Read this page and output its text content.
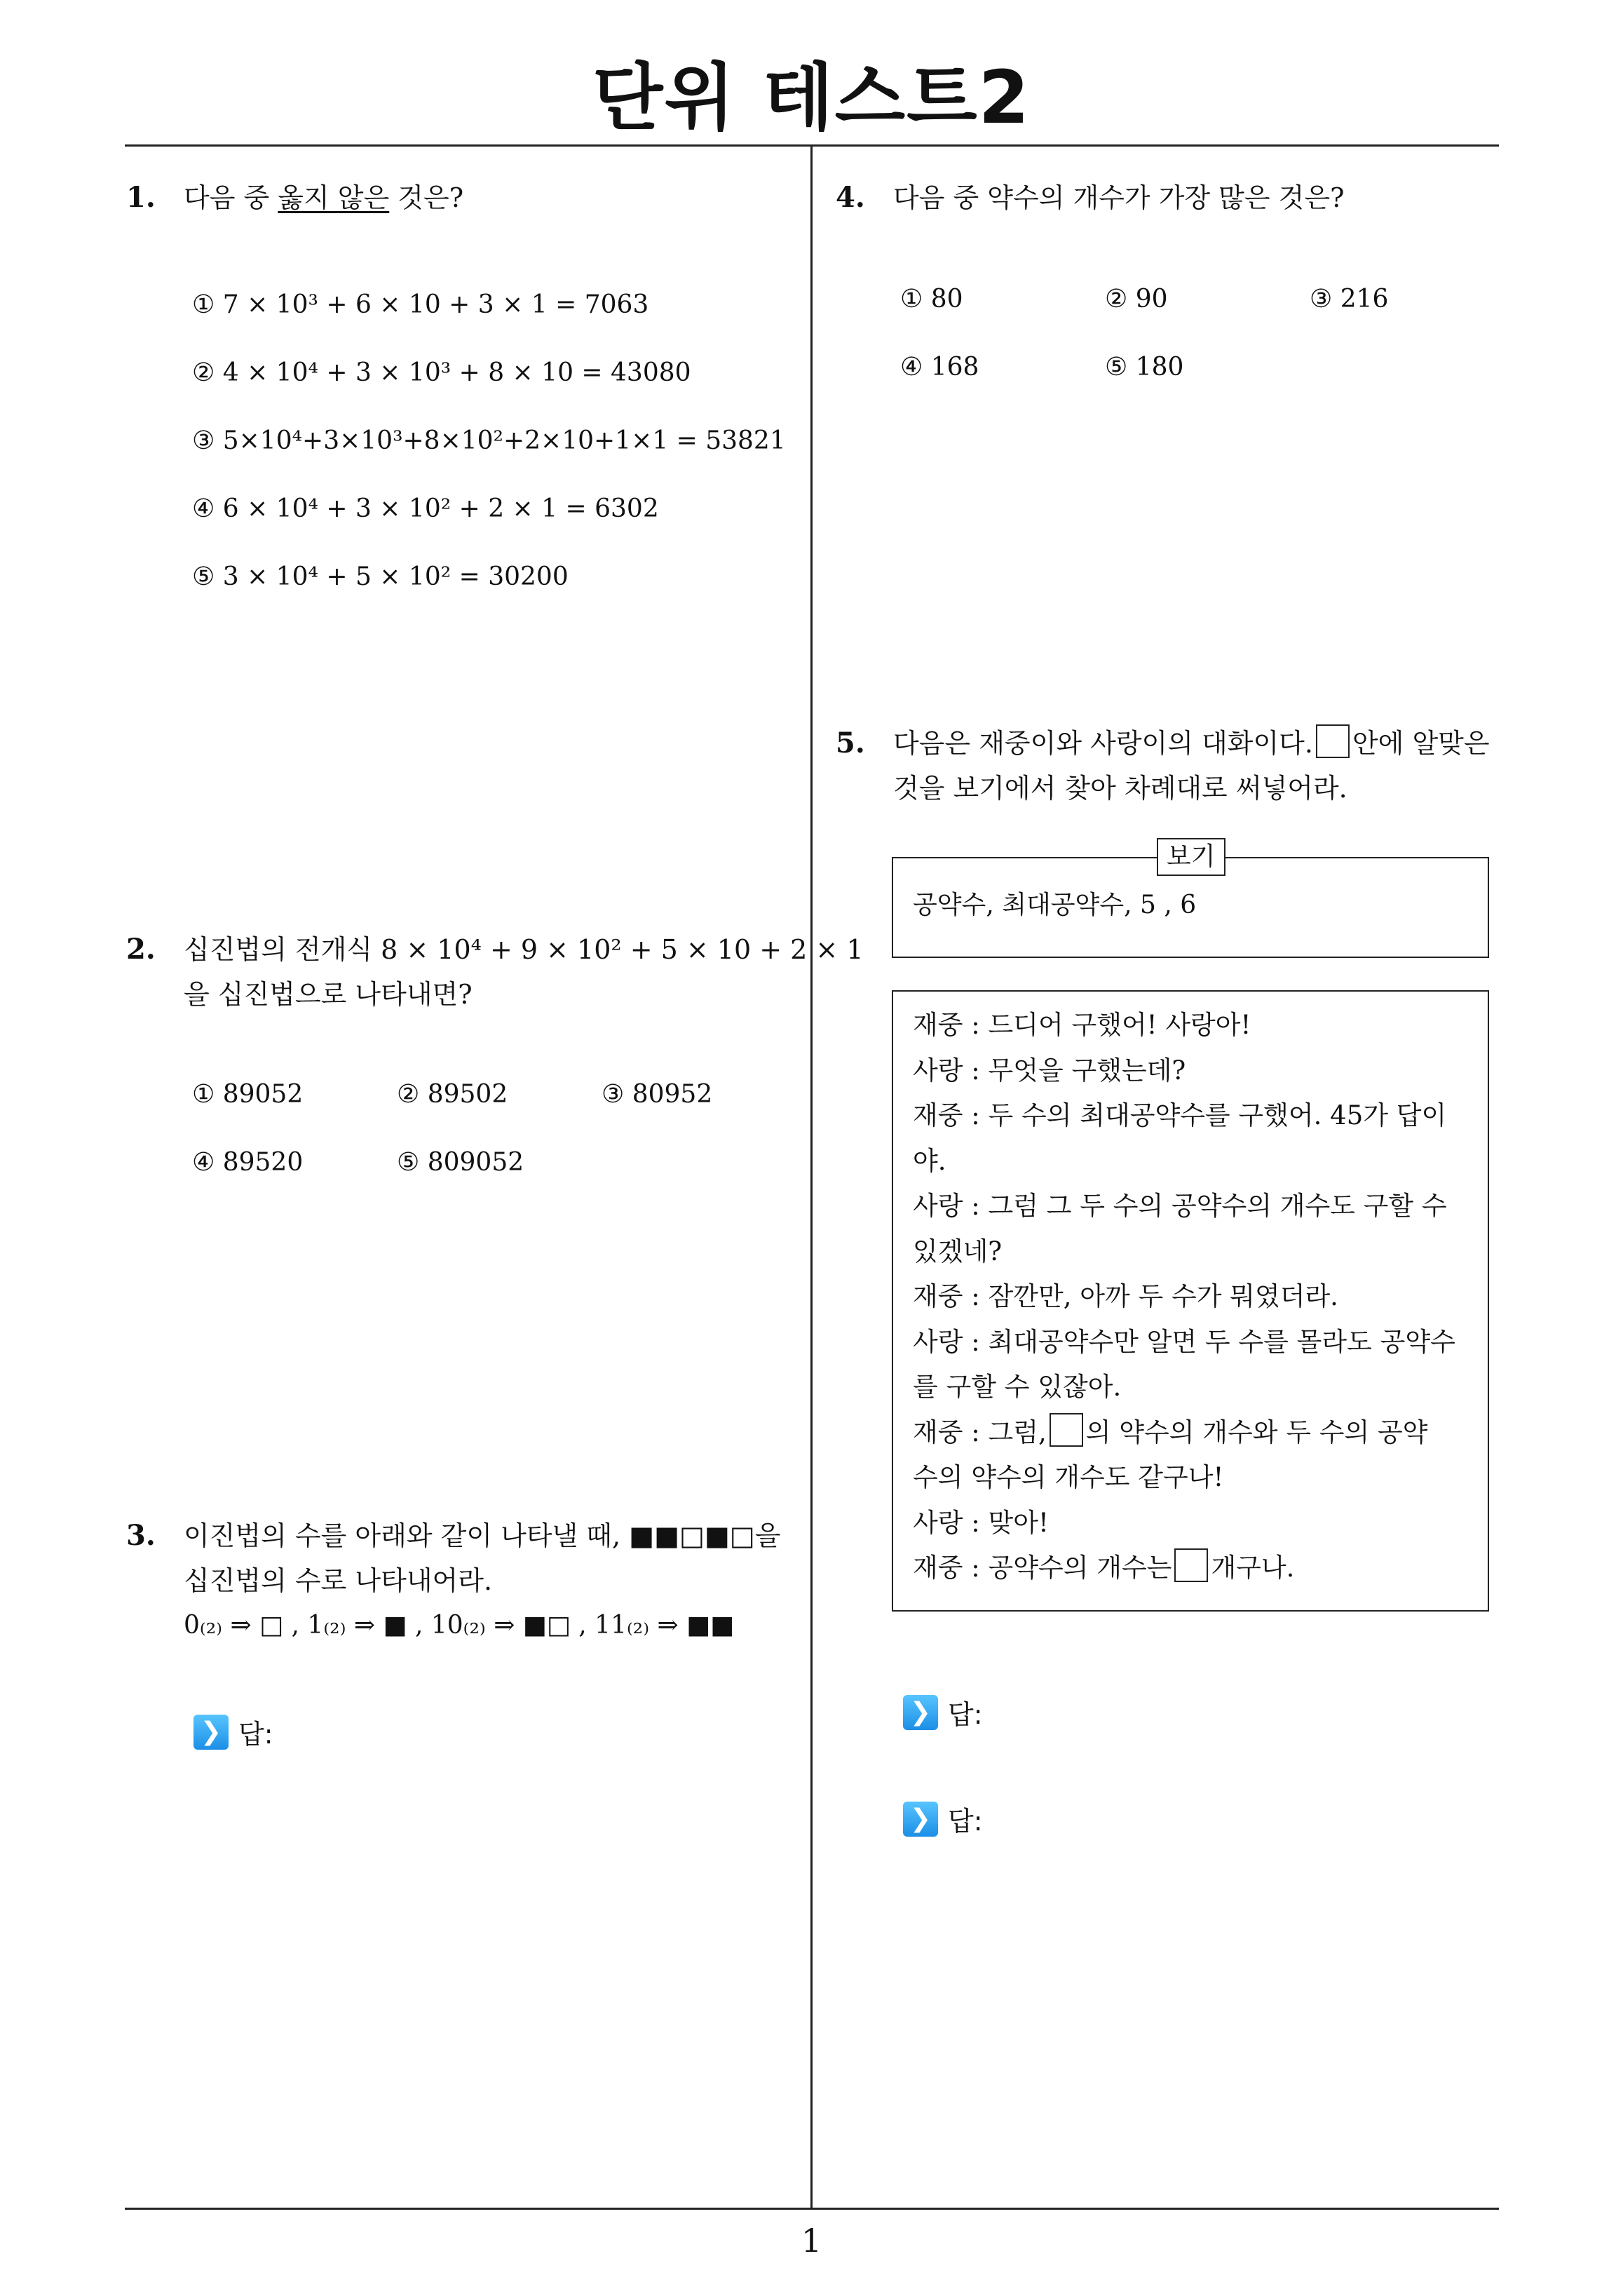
단위 테스트2
1
1. 다음 중 옳지 않은 것은?
① 7 × 10³ + 6 × 10 + 3 × 1 = 7063
② 4 × 10⁴ + 3 × 10³ + 8 × 10 = 43080
③ 5×10⁴+3×10³+8×10²+2×10+1×1 = 53821
④ 6 × 10⁴ + 3 × 10² + 2 × 1 = 6302
⑤ 3 × 10⁴ + 5 × 10² = 30200
2. 십진법의 전개식 8 × 10⁴ + 9 × 10² + 5 × 10 + 2 × 1
을 십진법으로 나타내면?
① 89052	② 89502	③ 80952
④ 89520	⑤ 809052
3. 이진법의 수를 아래와 같이 나타낼 때, ■■□■□을
십진법의 수로 나타내어라.
0₍₂₎ ⇒ □ , 1₍₂₎ ⇒ ■ , 10₍₂₎ ⇒ ■□ , 11₍₂₎ ⇒ ■■
❯ 답:
4. 다음 중 약수의 개수가 가장 많은 것은?
① 80	② 90	③ 216
④ 168	⑤ 180
5. 다음은 재중이와 사랑이의 대화이다. 안에 알맞은
것을 보기에서 찾아 차례대로 써넣어라.
보기
공약수, 최대공약수, 5 , 6
재중 : 드디어 구했어! 사랑아!
사랑 : 무엇을 구했는데?
재중 : 두 수의 최대공약수를 구했어. 45가 답이
야.
사랑 : 그럼 그 두 수의 공약수의 개수도 구할 수
있겠네?
재중 : 잠깐만, 아까 두 수가 뭐였더라.
사랑 : 최대공약수만 알면 두 수를 몰라도 공약수
를 구할 수 있잖아.
재중 : 그럼, 의 약수의 개수와 두 수의 공약
수의 약수의 개수도 같구나!
사랑 : 맞아!
재중 : 공약수의 개수는 개구나.
❯ 답:
❯ 답:
